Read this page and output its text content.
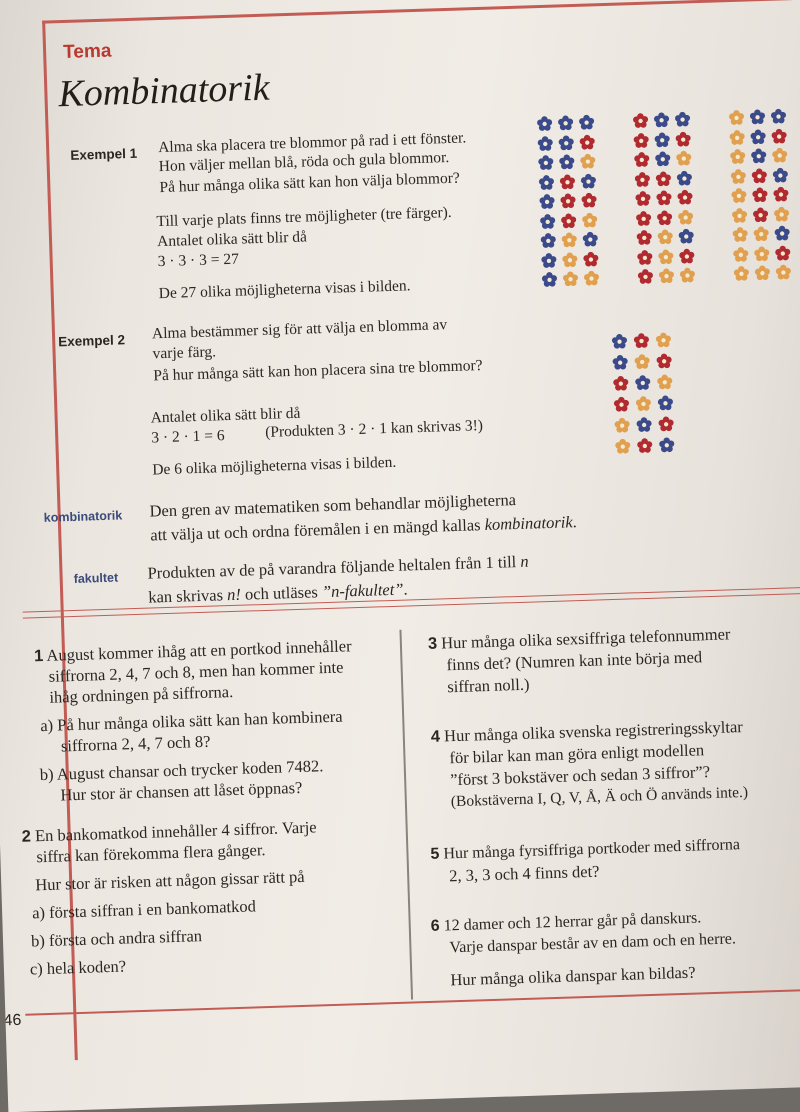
Tema
Kombinatorik
Exempel 1 Alma ska placera tre blommor på rad i ett fönster.
Hon väljer mellan blå, röda och gula blommor.
På hur många olika sätt kan hon välja blommor?
Till varje plats finns tre möjligheter (tre färger).
Antalet olika sätt blir då
3 · 3 · 3 = 27
De 27 olika möjligheterna visas i bilden.
Exempel 2 Alma bestämmer sig för att välja en blomma av
varje färg.
På hur många sätt kan hon placera sina tre blommor?
Antalet olika sätt blir då
3 · 2 · 1 = 6	(Produkten 3 · 2 · 1 kan skrivas 3!)
De 6 olika möjligheterna visas i bilden.
kombinatorik Den gren av matematiken som behandlar möjligheterna
att välja ut och ordna föremålen i en mängd kallas kombinatorik.
fakultet Produkten av de på varandra följande heltalen från 1 till n
kan skrivas n! och utläses ”n-fakultet”.
1 August kommer ihåg att en portkod innehåller
siffrorna 2, 4, 7 och 8, men han kommer inte
ihåg ordningen på siffrorna.
a) På hur många olika sätt kan han kombinera
siffrorna 2, 4, 7 och 8?
b) August chansar och trycker koden 7482.
Hur stor är chansen att låset öppnas?
2 En bankomatkod innehåller 4 siffror. Varje
siffra kan förekomma flera gånger.
Hur stor är risken att någon gissar rätt på
a) första siffran i en bankomatkod
b) första och andra siffran
c) hela koden?
3 Hur många olika sexsiffriga telefonnummer
finns det? (Numren kan inte börja med
siffran noll.)
4 Hur många olika svenska registreringsskyltar
för bilar kan man göra enligt modellen
”först 3 bokstäver och sedan 3 siffror”?
(Bokstäverna I, Q, V, Å, Ä och Ö används inte.)
5 Hur många fyrsiffriga portkoder med siffrorna
2, 3, 3 och 4 finns det?
6 12 damer och 12 herrar går på danskurs.
Varje danspar består av en dam och en herre.
Hur många olika danspar kan bildas?
46
